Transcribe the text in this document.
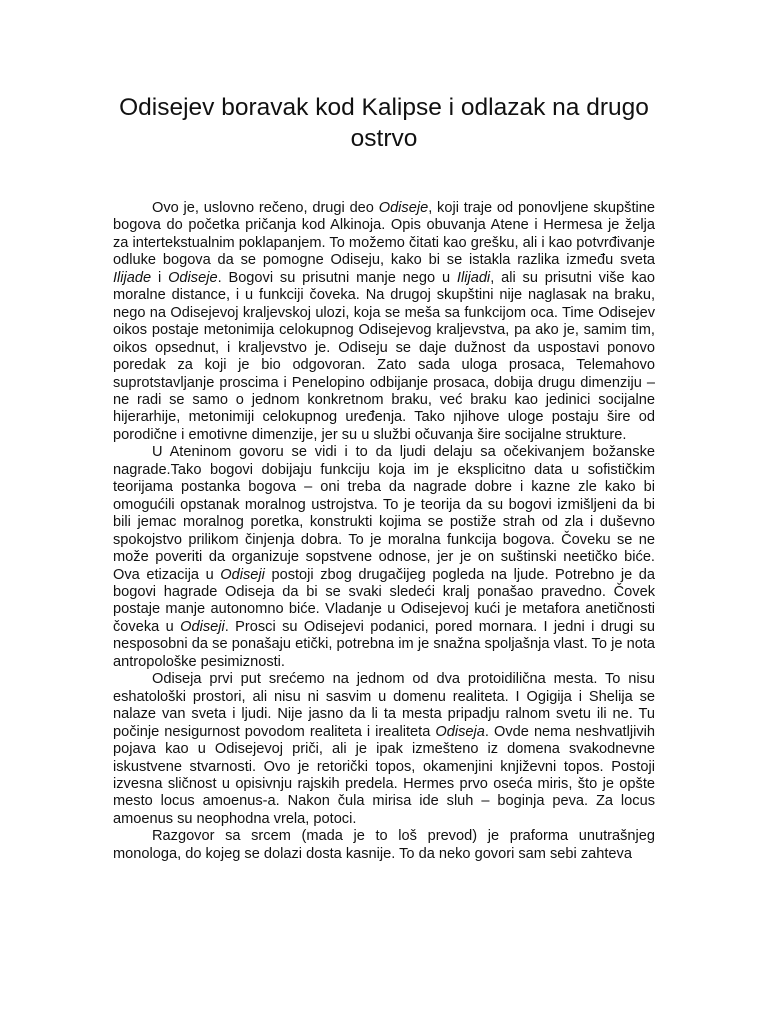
Odisejev boravak kod Kalipse i odlazak na drugo ostrvo

Ovo je, uslovno rečeno, drugi deo Odiseje, koji traje od ponovljene skupštine bogova do početka pričanja kod Alkinoja. Opis obuvanja Atene i Hermesa je želja za intertekstualnim poklapanjem. To možemo čitati kao grešku, ali i kao potvrđivanje odluke bogova da se pomogne Odiseju, kako bi se istakla razlika između sveta Ilijade i Odiseje. Bogovi su prisutni manje nego u Ilijadi, ali su prisutni više kao moralne distance, i u funkciji čoveka. Na drugoj skupštini nije naglasak na braku, nego na Odisejevoj kraljevskoj ulozi, koja se meša sa funkcijom oca. Time Odisejev oikos postaje metonimija celokupnog Odisejevog kraljevstva, pa ako je, samim tim, oikos opsednut, i kraljevstvo je. Odiseju se daje dužnost da uspostavi ponovo poredak za koji je bio odgovoran. Zato sada uloga prosaca, Telemahovo suprotstavljanje proscima i Penelopino odbijanje prosaca, dobija drugu dimenziju – ne radi se samo o jednom konkretnom braku, već braku kao jedinici socijalne hijerarhije, metonimiji celokupnog uređenja. Tako njihove uloge postaju šire od porodične i emotivne dimenzije, jer su u službi očuvanja šire socijalne strukture.

U Ateninom govoru se vidi i to da ljudi delaju sa očekivanjem božanske nagrade.Tako bogovi dobijaju funkciju koja im je eksplicitno data u sofističkim teorijama postanka bogova – oni treba da nagrade dobre i kazne zle kako bi omogućili opstanak moralnog ustrojstva. To je teorija da su bogovi izmišljeni da bi bili jemac moralnog poretka, konstrukti kojima se postiže strah od zla i duševno spokojstvo prilikom činjenja dobra. To je moralna funkcija bogova. Čoveku se ne može poveriti da organizuje sopstvene odnose, jer je on suštinski neetičko biće. Ova etizacija u Odiseji postoji zbog drugačijeg pogleda na ljude. Potrebno je da bogovi hagrade Odiseja da bi se svaki sledeći kralj ponašao pravedno. Čovek postaje manje autonomno biće. Vladanje u Odisejevoj kući je metafora anetičnosti čoveka u Odiseji. Prosci su Odisejevi podanici, pored mornara. I jedni i drugi su nesposobni da se ponašaju etički, potrebna im je snažna spoljašnja vlast. To je nota antropološke pesimiznosti.

Odiseja prvi put srećemo na jednom od dva protoidilična mesta. To nisu eshatološki prostori, ali nisu ni sasvim u domenu realiteta. I Ogigija i Shelija se nalaze van sveta i ljudi. Nije jasno da li ta mesta pripadju ralnom svetu ili ne. Tu počinje nesigurnost povodom realiteta i irealiteta Odiseja. Ovde nema neshvatljivih pojava kao u Odisejevoj priči, ali je ipak izmešteno iz domena svakodnevne iskustvene stvarnosti. Ovo je retorički topos, okamenjini književni topos. Postoji izvesna sličnost u opisivnju rajskih predela. Hermes prvo oseća miris, što je opšte mesto locus amoenus-a. Nakon čula mirisa ide sluh – boginja peva. Za locus amoenus su neophodna vrela, potoci.

Razgovor sa srcem (mada je to loš prevod) je praforma unutrašnjeg monologa, do kojeg se dolazi dosta kasnije. To da neko govori sam sebi zahteva
